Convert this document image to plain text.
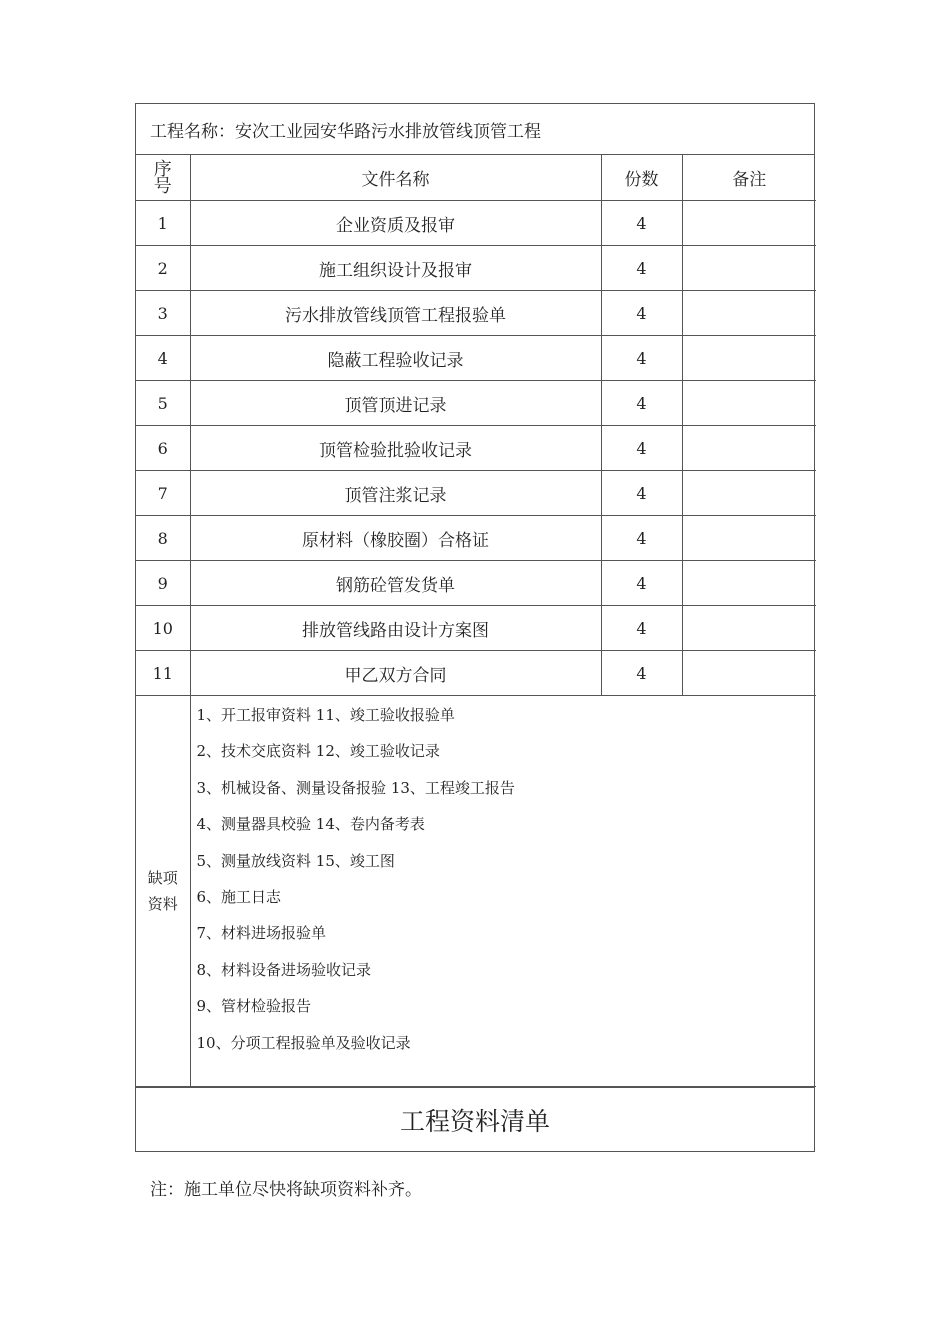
工程名称： 安次工业园安华路污水排放管线顶管工程
序
号	文件名称	份数	备注
1	企业资质及报审	4	
2	施工组织设计及报审	4	
3	污水排放管线顶管工程报验单	4	
4	隐蔽工程验收记录	4	
5	顶管顶进记录	4	
6	顶管检验批验收记录	4	
7	顶管注浆记录	4	
8	原材料（橡胶圈）合格证	4	
9	钢筋砼管发货单	4	
10	排放管线路由设计方案图	4	
11	甲乙双方合同	4	
缺项
资料

1、开工报审资料 11、竣工验收报验单
2、技术交底资料 12、竣工验收记录
3、机械设备、测量设备报验 13、工程竣工报告
4、测量器具校验 14、卷内备考表
5、测量放线资料 15、竣工图
6、施工日志
7、材料进场报验单
8、材料设备进场验收记录
9、管材检验报告
10、分项工程报验单及验收记录
工程资料清单
注：施工单位尽快将缺项资料补齐。
